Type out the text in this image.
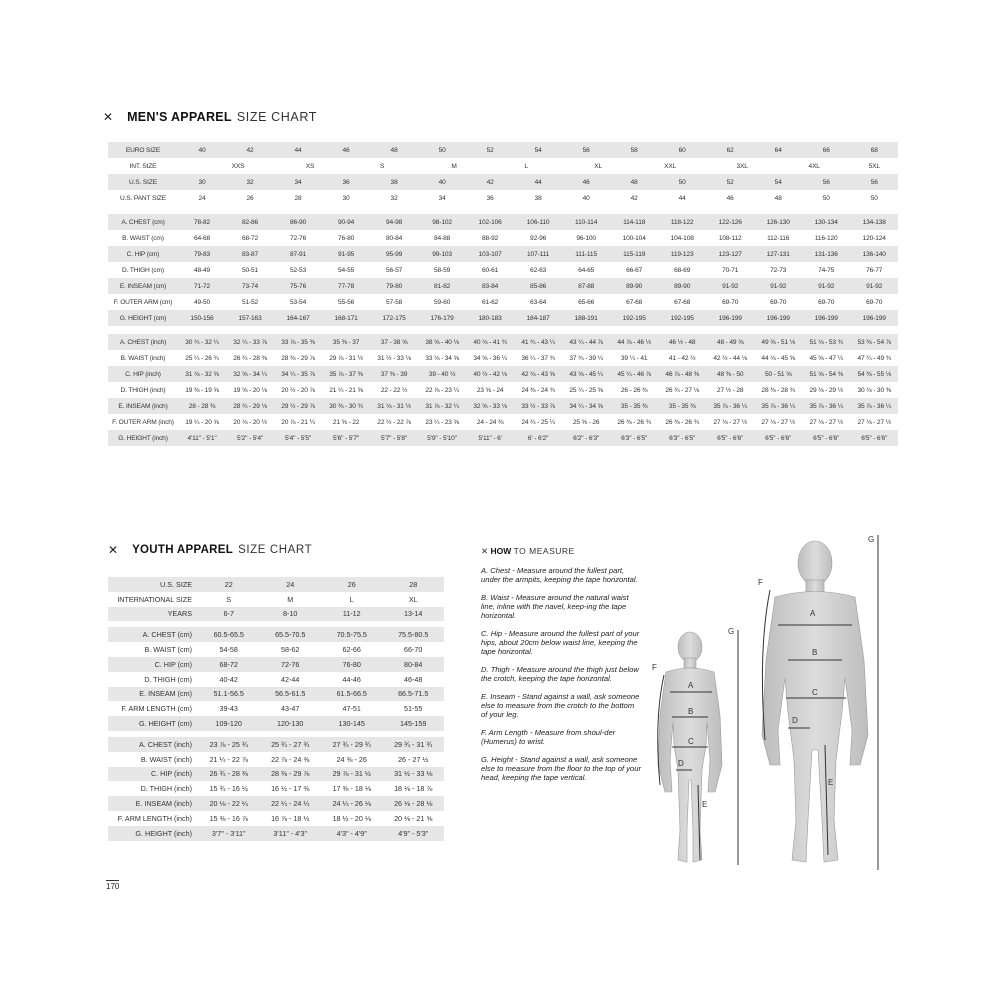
✕ MEN'S APPAREL SIZE CHART
EURO SIZE	40		42	44	46		48	50	52		54	56	58		60	62	64		66	68	
INT. SIZE		XXS		XS		S		M		L		XL		XXL		3XL		4XL		5XL	
U.S. SIZE	30		32	34	36		38	40	42		44	46	48		50	52	54		56	56	
U.S. PANT SIZE	24		26	28	30		32	34	36		38	40	42		44	46	48		50	50	

A. CHEST (cm)	78-82		82-86	86-90	90-94		94-98	98-102	102-106		106-110	110-114	114-118		118-122	122-126	126-130		130-134	134-138	
B. WAIST (cm)	64-68		68-72	72-76	76-80		80-84	84-88	88-92		92-96	96-100	100-104		104-108	108-112	112-116		116-120	120-124	
C. HIP (cm)	79-83		83-87	87-91	91-95		95-99	99-103	103-107		107-111	111-115	115-119		119-123	123-127	127-131		131-136	136-140	
D. THIGH (cm)	48-49		50-51	52-53	54-55		56-57	58-59	60-61		62-63	64-65	66-67		68-69	70-71	72-73		74-75	76-77	
E. INSEAM (cm)	71-72		73-74	75-76	77-78		79-80	81-82	83-84		85-86	87-88	89-90		89-90	91-92	91-92		91-92	91-92	
F. OUTER ARM (cm)	49-50		51-52	53-54	55-56		57-58	59-60	61-62		63-64	65-66	67-68		67-68	69-70	69-70		69-70	69-70	
G. HEIGHT (cm)	150-156		157-163	164-167	168-171		172-175	176-179	180-183		184-187	188-191	192-195		192-195	196-199	196-199		196-199	196-199	

A. CHEST (inch)	30 ¾ - 32 ¼		32 ¼ - 33 ⅞	33 ⅞ - 35 ⅜	35 ⅜ - 37		37 - 38 ⅝	38 ⅝ - 40 ⅛	40 ⅛ - 41 ¾		41 ¾ - 43 ¼	43 ¼ - 44 ⅞	44 ⅞ - 46 ½		46 ½ - 48	48 - 49 ⅝	49 ⅝ - 51 ⅛		51 ⅛ - 53 ¾	53 ⅜ - 54 ⅞	
B. WAIST (inch)	25 ¼ - 26 ¾		26 ¾ - 28 ⅜	28 ⅜ - 29 ⅞	29 ⅞ - 31 ½		31 ½ - 33 ⅛	33 ⅛ - 34 ⅝	34 ⅝ - 36 ¼		36 ¼ - 37 ¾	37 ¾ - 39 ¼	39 ¼ - 41		41 - 42 ½	42 ½ - 44 ⅛	44 ⅛ - 45 ⅝		45 ⅝ - 47 ¼	47 ¼ - 49 ¾	
C. HIP (inch)	31 ⅛ - 32 ⅝		32 ⅝ - 34 ¼	34 ¼ - 35 ⅞	35 ⅞ - 37 ⅜		37 ⅜ - 39	39 - 40 ½	40 ½ - 42 ⅛		42 ⅛ - 43 ⅝	43 ⅝ - 45 ¼	45 ¼ - 46 ⅞		46 ⅞ - 48 ⅜	48 ⅜ - 50	50 - 51 ⅝		51 ⅝ - 54 ⅜	54 ⅜ - 55 ⅛	
D. THIGH (inch)	19 ⅜ - 19 ⅝		19 ⅝ - 20 ⅛	20 ½ - 20 ⅞	21 ¼ - 21 ⅝		22 - 22 ½	22 ⅞ - 23 ¼	23 ⅝ - 24		24 ⅜ - 24 ¾	25 ¼ - 25 ⅝	26 - 26 ⅜		26 ¾ - 27 ⅛	27 ½ - 28	28 ⅜ - 28 ¾		29 ⅛ - 29 ½	30 ⅛ - 30 ⅜	
E. INSEAM (inch)	28 - 28 ⅜		28 ¾ - 29 ⅛	29 ½ - 29 ⅞	30 ⅜ - 30 ¾		31 ⅛ - 31 ½	31 ⅞ - 32 ¼	32 ⅝ - 33 ⅛		33 ½ - 33 ⅞	34 ¼ - 34 ⅝	35 - 35 ⅜		35 - 35 ⅜	35 ⅞ - 36 ¼	35 ⅞ - 36 ¼		35 ⅞ - 36 ¼	35 ⅞ - 36 ¼	
F. OUTER ARM (inch)	19 ¼ - 20 ⅝		20 ⅛ - 20 ½	20 ⅞ - 21 ¼	21 ⅝ - 22		22 ½ - 22 ⅞	23 ¼ - 23 ⅝	24 - 24 ⅜		24 ¾ - 25 ¼	25 ⅝ - 26	26 ⅜ - 26 ¾		26 ⅜ - 26 ¾	27 ⅛ - 27 ½	27 ⅛ - 27 ½		27 ⅛ - 27 ½	27 ⅛ - 27 ½	
G. HEIGHT (inch)	4'11" - 5'1"		5'2" - 5'4"	5'4" - 5'5"	5'6" - 5'7"		5'7" - 5'8"	5'9" - 5'10"	5'11" - 6'		6' - 6'2"	6'2" - 6'3"	6'3" - 6'5"		6'3" - 6'5"	6'5" - 6'6"	6'5" - 6'6"		6'5" - 6'6"	6'5" - 6'6"	
✕ YOUTH APPAREL SIZE CHART
U.S. SIZE	22	24	26	28
INTERNATIONAL SIZE	S	M	L	XL
YEARS	6-7	8-10	11-12	13-14

A. CHEST (cm)	60.5-65.5	65.5-70.5	70.5-75.5	75.5-80.5
B. WAIST (cm)	54-58	58-62	62-66	66-70
C. HIP (cm)	68-72	72-76	76-80	80-84
D. THIGH (cm)	40-42	42-44	44-46	46-48
E. INSEAM (cm)	51.1-56.5	56.5-61.5	61.5-66.5	66.5-71.5
F. ARM LENGTH (cm)	39-43	43-47	47-51	51-55
G. HEIGHT (cm)	109-120	120-130	130-145	145-159

A. CHEST (inch)	23 ⅞ - 25 ¾	25 ¾ - 27 ¾	27 ¾ - 29 ¾	29 ¾ - 31 ¾
B. WAIST (inch)	21 ¼ - 22 ⅞	22 ⅞ - 24 ⅜	24 ⅜ - 26	26 - 27 ½
C. HIP (inch)	26 ¾ - 28 ⅜	28 ⅜ - 29 ⅞	29 ⅞ - 31 ½	31 ½ - 33 ⅛
D. THIGH (inch)	15 ¾ - 16 ½	16 ½ - 17 ⅜	17 ⅜ - 18 ⅛	18 ⅛ - 18 ⅞
E. INSEAM (inch)	20 ⅛ - 22 ¼	22 ¼ - 24 ¼	24 ¼ - 26 ⅛	26 ⅛ - 28 ⅛
F. ARM LENGTH (inch)	15 ⅜ - 16 ⅞	16 ⅞ - 18 ½	18 ½ - 20 ⅛	20 ⅛ - 21 ⅝
G. HEIGHT (inch)	3'7" - 3'11"	3'11" - 4'3"	4'3" - 4'9"	4'9" - 5'3"
✕ HOW TO MEASURE

A. Chest - Measure around the fullest part, under the armpits, keeping the tape horizontal.

B. Waist - Measure around the natural waist line, inline with the navel, keep-ing the tape horizontal.

C. Hip - Measure around the fullest part of your hips, about 20cm below waist line, keeping the tape horizontal.

D. Thigh - Measure around the thigh just below the crotch, keeping the tape horizontal.

E. Inseam - Stand against a wall, ask someone else to measure from the crotch to the bottom of your leg.

F. Arm Length - Measure from shoul-der (Humerus) to wrist.

G. Height - Stand against a wall, ask someone else to measure from the floor to the top of your head, keeping the tape vertical.

A
B
C
D
E
F
G
A
B
C
D
E
F
G
170
